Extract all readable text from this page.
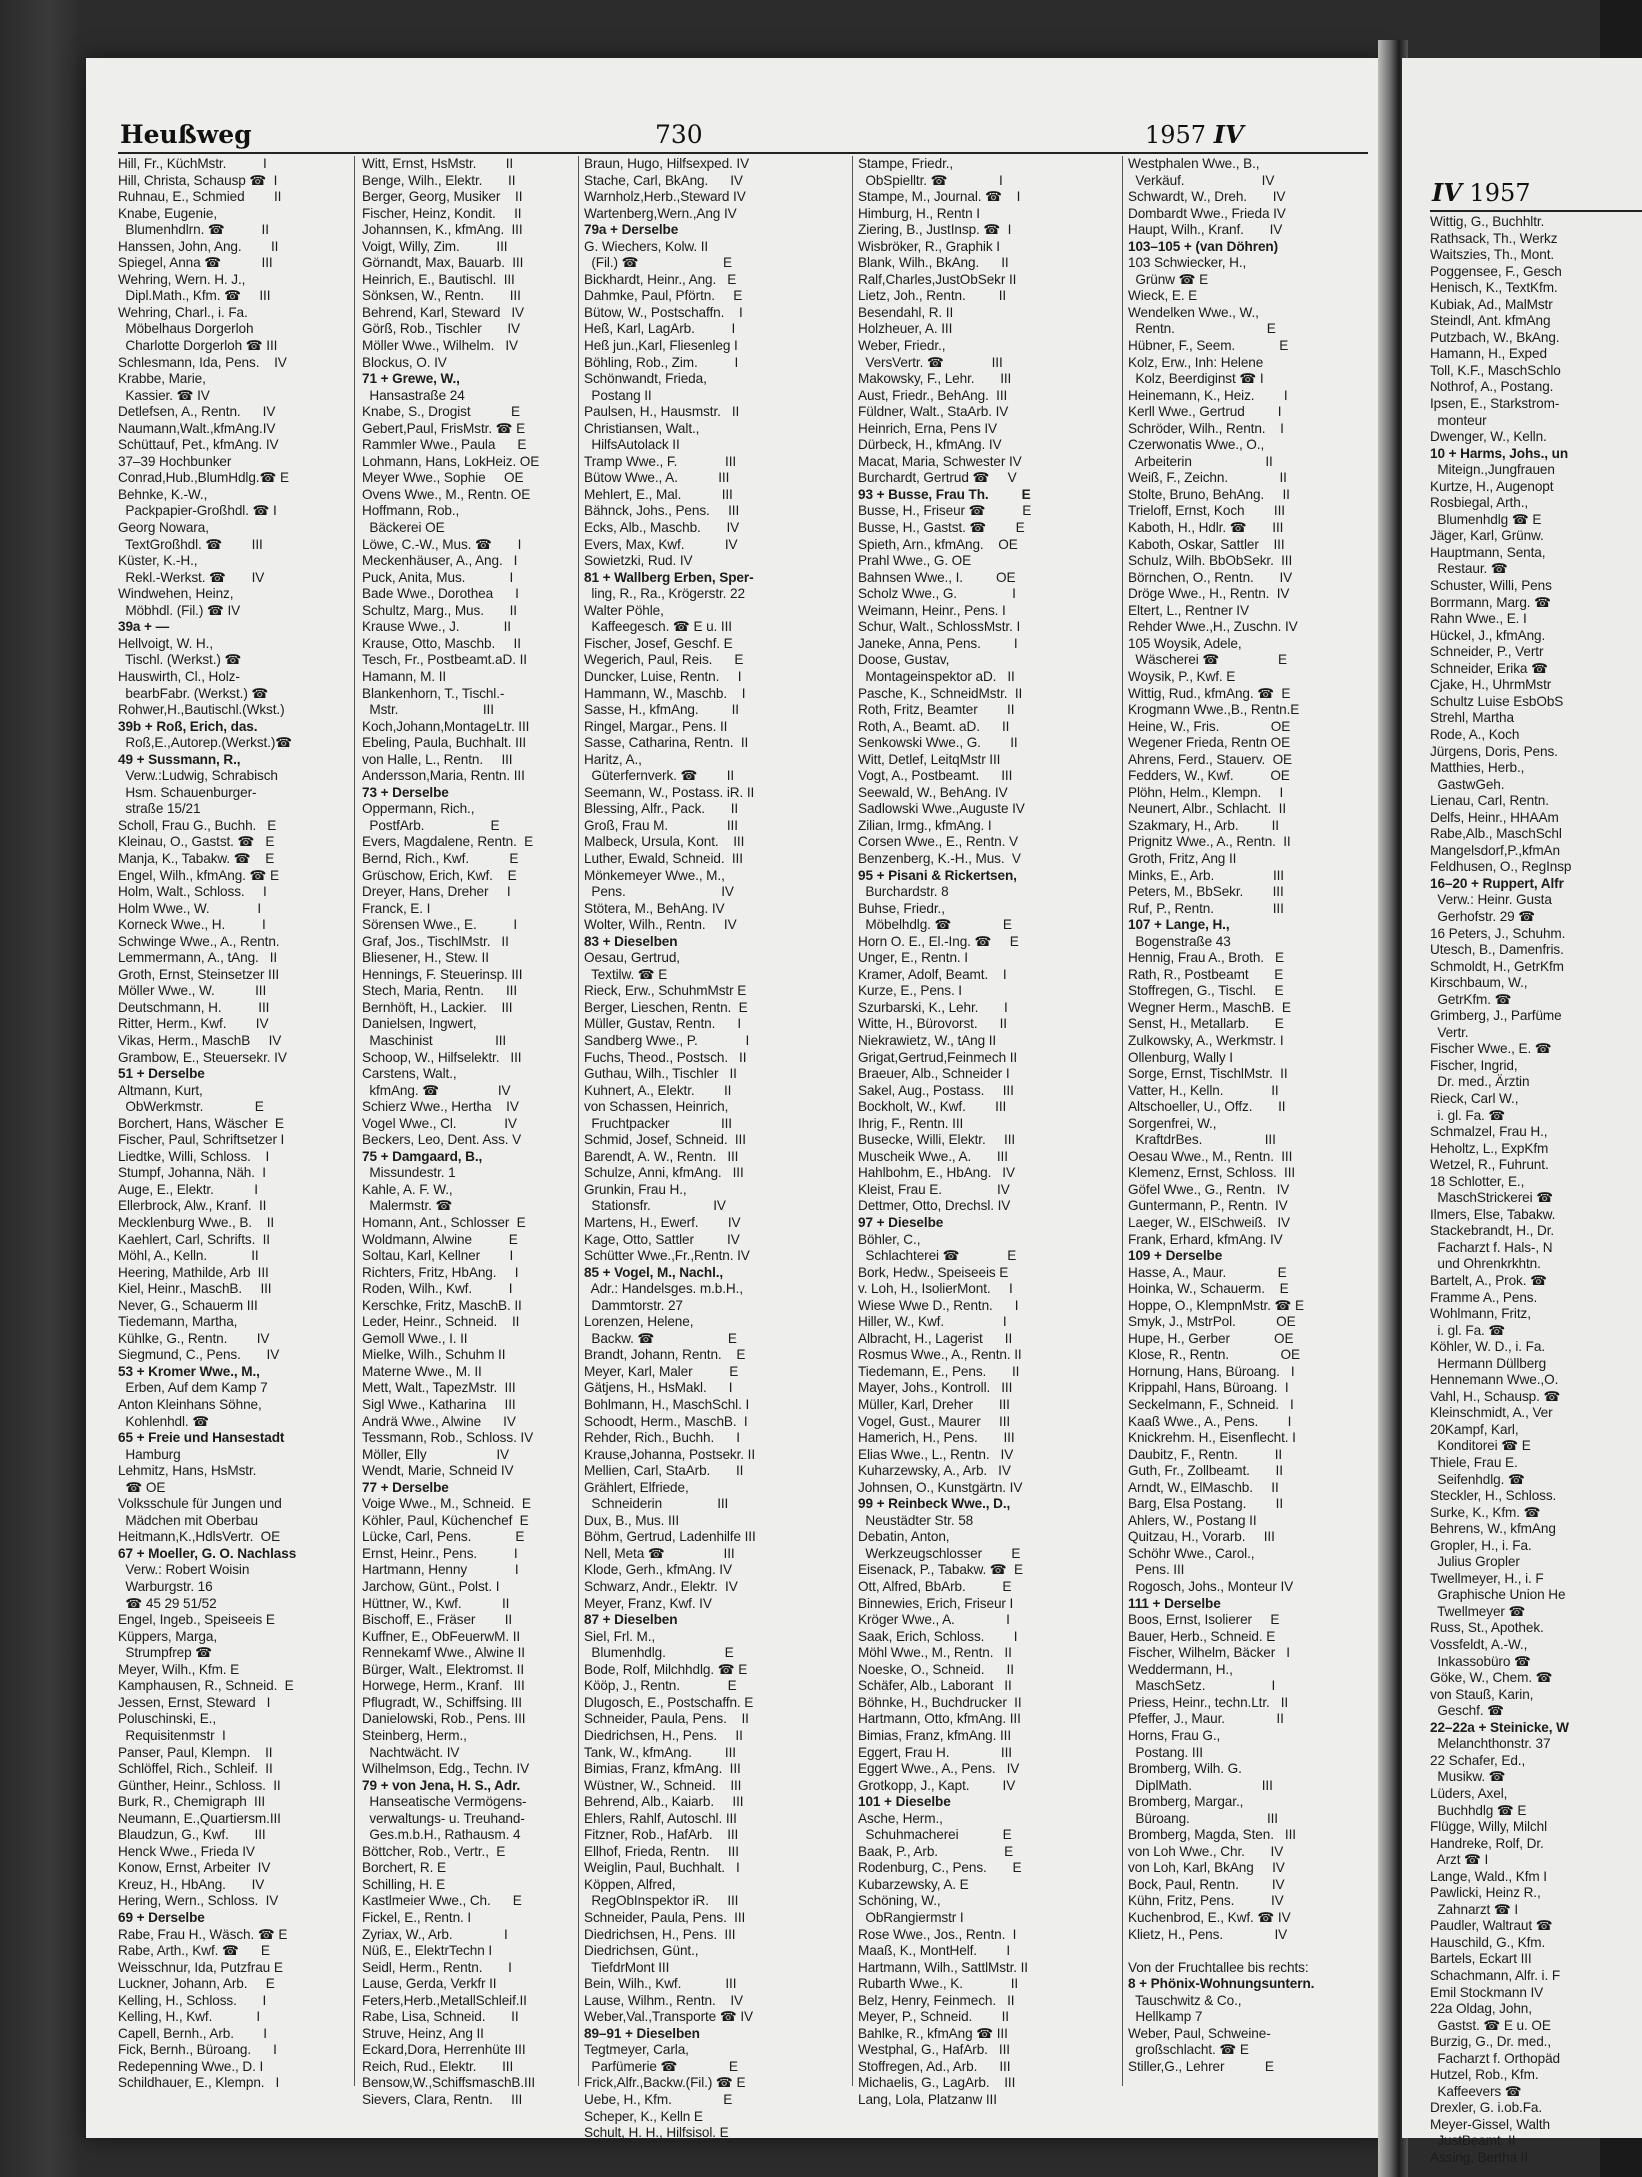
IV 1957
Wittig, G., Buchhltr.
Rathsack, Th., Werkz
Waitszies, Th., Mont.
Poggensee, F., Gesch
Henisch, K., TextKfm.
Kubiak, Ad., MalMstr
Steindl, Ant. kfmAng
Putzbach, W., BkAng.
Hamann, H., Exped
Toll, K.F., MaschSchlo
Nothrof, A., Postang.
Ipsen, E., Starkstrom-
monteur
Dwenger, W., Kelln.
10 + Harms, Johs., un
Miteign.,Jungfrauen
Kurtze, H., Augenopt
Rosbiegal, Arth.,
Blumenhdlg ☎ E
Jäger, Karl, Grünw.
Hauptmann, Senta,
Restaur. ☎
Schuster, Willi, Pens
Borrmann, Marg. ☎
Rahn Wwe., E. I
Hückel, J., kfmAng.
Schneider, P., Vertr
Schneider, Erika ☎
Cjake, H., UhrmMstr
Schultz Luise EsbObS
Strehl, Martha
Rode, A., Koch
Jürgens, Doris, Pens.
Matthies, Herb.,
GastwGeh.
Lienau, Carl, Rentn.
Delfs, Heinr., HHAAm
Rabe,Alb., MaschSchl
Mangelsdorf,P.,kfmAn
Feldhusen, O., RegInsp
16–20 + Ruppert, Alfr
Verw.: Heinr. Gusta
Gerhofstr. 29 ☎
16 Peters, J., Schuhm.
Utesch, B., Damenfris.
Schmoldt, H., GetrKfm
Kirschbaum, W.,
GetrKfm. ☎
Grimberg, J., Parfüme
Vertr.
Fischer Wwe., E. ☎
Fischer, Ingrid,
Dr. med., Ärztin
Rieck, Carl W.,
i. gl. Fa. ☎
Schmalzel, Frau H.,
Heholtz, L., ExpKfm
Wetzel, R., Fuhrunt.
18 Schlotter, E.,
MaschStrickerei ☎
Ilmers, Else, Tabakw.
Stackebrandt, H., Dr.
Facharzt f. Hals-, N
und Ohrenkrkhtn.
Bartelt, A., Prok. ☎
Framme A., Pens.
Wohlmann, Fritz,
i. gl. Fa. ☎
Köhler, W. D., i. Fa.
Hermann Düllberg
Hennemann Wwe.,O.
Vahl, H., Schausp. ☎
Kleinschmidt, A., Ver
20Kampf, Karl,
Konditorei ☎ E
Thiele, Frau E.
Seifenhdlg. ☎
Steckler, H., Schloss.
Surke, K., Kfm. ☎
Behrens, W., kfmAng
Gropler, H., i. Fa.
Julius Gropler
Twellmeyer, H., i. F
Graphische Union He
Twellmeyer ☎
Russ, St., Apothek.
Vossfeldt, A.-W.,
Inkassobüro ☎
Göke, W., Chem. ☎
von Stauß, Karin,
Geschf. ☎
22–22a + Steinicke, W
Melanchthonstr. 37
22 Schafer, Ed.,
Musikw. ☎
Lüders, Axel,
Buchhdlg ☎ E
Flügge, Willy, Milchl
Handreke, Rolf, Dr.
Arzt ☎ I
Lange, Wald., Kfm I
Pawlicki, Heinz R.,
Zahnarzt ☎ I
Paudler, Waltraut ☎
Hauschild, G., Kfm.
Bartels, Eckart III
Schachmann, Alfr. i. F
Emil Stockmann IV
22a Oldag, John,
Gastst. ☎ E u. OE
Burzig, G., Dr. med.,
Facharzt f. Orthopäd
Hutzel, Rob., Kfm.
Kaffeevers ☎
Drexler, G. i.ob.Fa.
Meyer-Gissel, Walth
JustBeamt. II
Assing, Bertha II
Heußweg	730	1957 IV
Hill, Fr., KüchMstr.          I
Hill, Christa, Schausp ☎  I
Ruhnau, E., Schmied        II
Knabe, Eugenie,
Blumenhdlrn. ☎          II
Hanssen, John, Ang.        II
Spiegel, Anna ☎           III
Wehring, Wern. H. J.,
Dipl.Math., Kfm. ☎     III
Wehring, Charl., i. Fa.
Möbelhaus Dorgerloh
Charlotte Dorgerloh ☎ III
Schlesmann, Ida, Pens.    IV
Krabbe, Marie,
Kassier. ☎ IV
Detlefsen, A., Rentn.      IV
Naumann,Walt.,kfmAng.IV
Schüttauf, Pet., kfmAng. IV
37–39 Hochbunker
Conrad,Hub.,BlumHdlg.☎ E
Behnke, K.-W.,
Packpapier-Großhdl. ☎ I
Georg Nowara,
TextGroßhdl. ☎        III
Küster, K.-H.,
Rekl.-Werkst. ☎       IV
Windwehen, Heinz,
Möbhdl. (Fil.) ☎ IV
39a + —
Hellvoigt, W. H.,
Tischl. (Werkst.) ☎
Hauswirth, Cl., Holz-
bearbFabr. (Werkst.) ☎
Rohwer,H.,Bautischl.(Wkst.)
39b + Roß, Erich, das.
Roß,E.,Autorep.(Werkst.)☎
49 + Sussmann, R.,
Verw.:Ludwig, Schrabisch
Hsm. Schauenburger-
straße 15/21
Scholl, Frau G., Buchh.   E
Kleinau, O., Gastst. ☎   E
Manja, K., Tabakw. ☎    E
Engel, Wilh., kfmAng. ☎ E
Holm, Walt., Schloss.     I
Holm Wwe., W.             I
Korneck Wwe., H.          I
Schwinge Wwe., A., Rentn.
Lemmermann, A., tAng.   II
Groth, Ernst, Steinsetzer III
Möller Wwe., W.           III
Deutschmann, H.          III
Ritter, Herm., Kwf.        IV
Vikas, Herm., MaschB     IV
Grambow, E., Steuersekr. IV
51 + Derselbe
Altmann, Kurt,
ObWerkmstr.              E
Borchert, Hans, Wäscher  E
Fischer, Paul, Schriftsetzer I
Liedtke, Willi, Schloss.    I
Stumpf, Johanna, Näh.  I
Auge, E., Elektr.           I
Ellerbrock, Alw., Kranf.  II
Mecklenburg Wwe., B.    II
Kaehlert, Carl, Schrifts.  II
Möhl, A., Kelln.            II
Heering, Mathilde, Arb  III
Kiel, Heinr., MaschB.     III
Never, G., Schauerm III
Tiedemann, Martha,
Kühlke, G., Rentn.        IV
Siegmund, C., Pens.       IV
53 + Kromer Wwe., M.,
Erben, Auf dem Kamp 7
Anton Kleinhans Söhne,
Kohlenhdl. ☎
65 + Freie und Hansestadt
Hamburg
Lehmitz, Hans, HsMstr.
☎ OE
Volksschule für Jungen und
Mädchen mit Oberbau
Heitmann,K.,HdlsVertr.  OE
67 + Moeller, G. O. Nachlass
Verw.: Robert Woisin
Warburgstr. 16
☎ 45 29 51/52
Engel, Ingeb., Speiseeis E
Küppers, Marga,
Strumpfrep ☎
Meyer, Wilh., Kfm. E
Kamphausen, R., Schneid.  E
Jessen, Ernst, Steward   I
Poluschinski, E.,
Requisitenmstr  I
Panser, Paul, Klempn.    II
Schlöffel, Rich., Schleif.  II
Günther, Heinr., Schloss.  II
Burk, R., Chemigraph  III
Neumann, E.,Quartiersm.III
Blaudzun, G., Kwf.       III
Henck Wwe., Frieda IV
Konow, Ernst, Arbeiter  IV
Kreuz, H., HbAng.       IV
Hering, Wern., Schloss.  IV
69 + Derselbe
Rabe, Frau H., Wäsch. ☎ E
Rabe, Arth., Kwf. ☎      E
Weisschnur, Ida, Putzfrau E
Luckner, Johann, Arb.     E
Kelling, H., Schloss.       I
Kelling, H., Kwf.            I
Capell, Bernh., Arb.        I
Fick, Bernh., Büroang.      I
Redepenning Wwe., D. I
Schildhauer, E., Klempn.   I
Witt, Ernst, HsMstr.        II
Benge, Wilh., Elektr.       II
Berger, Georg, Musiker    II
Fischer, Heinz, Kondit.     II
Johannsen, K., kfmAng.  III
Voigt, Willy, Zim.          III
Görnandt, Max, Bauarb.  III
Heinrich, E., Bautischl.  III
Sönksen, W., Rentn.       III
Behrend, Karl, Steward   IV
Görß, Rob., Tischler       IV
Möller Wwe., Wilhelm.   IV
Blockus, O. IV
71 + Grewe, W.,
Hansastraße 24
Knabe, S., Drogist           E
Gebert,Paul, FrisMstr. ☎ E
Rammler Wwe., Paula      E
Lohmann, Hans, LokHeiz. OE
Meyer Wwe., Sophie     OE
Ovens Wwe., M., Rentn. OE
Hoffmann, Rob.,
Bäckerei OE
Löwe, C.-W., Mus. ☎       I
Meckenhäuser, A., Ang.   I
Puck, Anita, Mus.            I
Bade Wwe., Dorothea      I
Schultz, Marg., Mus.       II
Krause Wwe., J.            II
Krause, Otto, Maschb.     II
Tesch, Fr., Postbeamt.aD. II
Hamann, M. II
Blankenhorn, T., Tischl.-
Mstr.                       III
Koch,Johann,MontageLtr. III
Ebeling, Paula, Buchhalt. III
von Halle, L., Rentn.     III
Andersson,Maria, Rentn. III
73 + Derselbe
Oppermann, Rich.,
PostfArb.                  E
Evers, Magdalene, Rentn.  E
Bernd, Rich., Kwf.           E
Grüschow, Erich, Kwf.    E
Dreyer, Hans, Dreher     I
Franck, E. I
Sörensen Wwe., E.          I
Graf, Jos., TischlMstr.   II
Bliesener, H., Stew. II
Hennings, F. Steuerinsp. III
Stech, Maria, Rentn.      III
Bernhöft, H., Lackier.    III
Danielsen, Ingwert,
Maschinist                 III
Schoop, W., Hilfselektr.   III
Carstens, Walt.,
kfmAng. ☎                IV
Schierz Wwe., Hertha    IV
Vogel Wwe., Cl.             IV
Beckers, Leo, Dent. Ass. V
75 + Damgaard, B.,
Missundestr. 1
Kahle, A. F. W.,
Malermstr. ☎
Homann, Ant., Schlosser  E
Woldmann, Alwine          E
Soltau, Karl, Kellner        I
Richters, Fritz, HbAng.     I
Roden, Wilh., Kwf.          I
Kerschke, Fritz, MaschB. II
Leder, Heinr., Schneid.    II
Gemoll Wwe., I. II
Mielke, Wilh., Schuhm II
Materne Wwe., M. II
Mett, Walt., TapezMstr.  III
Sigl Wwe., Katharina     III
Andrä Wwe., Alwine      IV
Tessmann, Rob., Schloss. IV
Möller, Elly                   IV
Wendt, Marie, Schneid IV
77 + Derselbe
Voige Wwe., M., Schneid.  E
Köhler, Paul, Küchenchef  E
Lücke, Carl, Pens.            E
Ernst, Heinr., Pens.          I
Hartmann, Henny             I
Jarchow, Günt., Polst. I
Hüttner, W., Kwf.           II
Bischoff, E., Fräser        II
Kuffner, E., ObFeuerwM. II
Rennekamf Wwe., Alwine II
Bürger, Walt., Elektromst. II
Horwege, Herm., Kranf.   III
Pflugradt, W., Schiffsing. III
Danielowski, Rob., Pens. III
Steinberg, Herm.,
Nachtwächt. IV
Wilhelmson, Edg., Techn. IV
79 + von Jena, H. S., Adr.
Hanseatische Vermögens-
verwaltungs- u. Treuhand-
Ges.m.b.H., Rathausm. 4
Böttcher, Rob., Vertr.,  E
Borchert, R. E
Schilling, H. E
Kastlmeier Wwe., Ch.      E
Fickel, E., Rentn. I
Zyriax, W., Arb.              I
Nüß, E., ElektrTechn I
Seidl, Herm., Rentn.       I
Lause, Gerda, Verkfr II
Feters,Herb.,MetallSchleif.II
Rabe, Lisa, Schneid.       II
Struve, Heinz, Ang II
Eckard,Dora, Herrenhüte III
Reich, Rud., Elektr.       III
Bensow,W.,SchiffsmaschB.III
Sievers, Clara, Rentn.     III
Braun, Hugo, Hilfsexped. IV
Stache, Carl, BkAng.      IV
Warnholz,Herb.,Steward IV
Wartenberg,Wern.,Ang IV
79a + Derselbe
G. Wiechers, Kolw. II
(Fil.) ☎                       E
Bickhardt, Heinr., Ang.   E
Dahmke, Paul, Pförtn.     E
Bütow, W., Postschaffn.    I
Heß, Karl, LagArb.          I
Heß jun.,Karl, Fliesenleg I
Böhling, Rob., Zim.          I
Schönwandt, Frieda,
Postang II
Paulsen, H., Hausmstr.   II
Christiansen, Walt.,
HilfsAutolack II
Tramp Wwe., F.             III
Bütow Wwe., A.           III
Mehlert, E., Mal.           III
Bähnck, Johs., Pens.     III
Ecks, Alb., Maschb.       IV
Evers, Max, Kwf.           IV
Sowietzki, Rud. IV
81 + Wallberg Erben, Sper-
ling, R., Ra., Krögerstr. 22
Walter Pöhle,
Kaffeegesch. ☎ E u. III
Fischer, Josef, Geschf. E
Wegerich, Paul, Reis.      E
Duncker, Luise, Rentn.     I
Hammann, W., Maschb.    I
Sasse, H., kfmAng.         II
Ringel, Margar., Pens. II
Sasse, Catharina, Rentn.  II
Haritz, A.,
Güterfernverk. ☎        II
Seemann, W., Postass. iR. II
Blessing, Alfr., Pack.       II
Groß, Frau M.                III
Malbeck, Ursula, Kont.    III
Luther, Ewald, Schneid.  III
Mönkemeyer Wwe., M.,
Pens.                          IV
Stötera, M., BehAng. IV
Wolter, Wilh., Rentn.     IV
83 + Dieselben
Oesau, Gertrud,
Textilw. ☎ E
Rieck, Erw., SchuhmMstr E
Berger, Lieschen, Rentn.  E
Müller, Gustav, Rentn.      I
Sandberg Wwe., P.             I
Fuchs, Theod., Postsch.   II
Guthau, Wilh., Tischler   II
Kuhnert, A., Elektr.        II
von Schassen, Heinrich,
Fruchtpacker              III
Schmid, Josef, Schneid.  III
Barendt, A. W., Rentn.   III
Schulze, Anni, kfmAng.   III
Grunkin, Frau H.,
Stationsfr.                 IV
Martens, H., Ewerf.        IV
Kage, Otto, Sattler         IV
Schütter Wwe.,Fr.,Rentn. IV
85 + Vogel, M., Nachl.,
Adr.: Handelsges. m.b.H.,
Dammtorstr. 27
Lorenzen, Helene,
Backw. ☎                    E
Brandt, Johann, Rentn.    E
Meyer, Karl, Maler          E
Gätjens, H., HsMakl.      I
Bohlmann, H., MaschSchl. I
Schoodt, Herm., MaschB.  I
Rehder, Rich., Buchh.      I
Krause,Johanna, Postsekr. II
Mellien, Carl, StaArb.       II
Grählert, Elfriede,
Schneiderin               III
Dux, B., Mus. III
Böhm, Gertrud, Ladenhilfe III
Nell, Meta ☎                III
Klode, Gerh., kfmAng. IV
Schwarz, Andr., Elektr.  IV
Meyer, Franz, Kwf. IV
87 + Dieselben
Siel, Frl. M.,
Blumenhdlg.                E
Bode, Rolf, Milchhdlg. ☎ E
Kööp, J., Rentn.             E
Dlugosch, E., Postschaffn. E
Schneider, Paula, Pens.    II
Diedrichsen, H., Pens.     II
Tank, W., kfmAng.         III
Bimias, Franz, kfmAng.  III
Wüstner, W., Schneid.    III
Behrend, Alb., Kaiarb.     III
Ehlers, Rahlf, Autoschl. III
Fitzner, Rob., HafArb.    III
Ellhof, Frieda, Rentn.     III
Weiglin, Paul, Buchhalt.   I
Köppen, Alfred,
RegObInspektor iR.     III
Schneider, Paula, Pens.  III
Diedrichsen, H., Pens.  III
Diedrichsen, Günt.,
TiefdrMont III
Bein, Wilh., Kwf.            III
Lause, Wilhm., Rentn.    IV
Weber,Val.,Transporte ☎ IV
89–91 + Dieselben
Tegtmeyer, Carla,
Parfümerie ☎              E
Frick,Alfr.,Backw.(Fil.) ☎ E
Uebe, H., Kfm.              E
Scheper, K., Kelln E
Schult, H. H., Hilfsisol. E
Stampe, Friedr.,
ObSpielltr. ☎              I
Stampe, M., Journal. ☎    I
Himburg, H., Rentn I
Ziering, B., JustInsp. ☎  I
Wisbröker, R., Graphik I
Blank, Wilh., BkAng.      II
Ralf,Charles,JustObSekr II
Lietz, Joh., Rentn.         II
Besendahl, R. II
Holzheuer, A. III
Weber, Friedr.,
VersVertr. ☎             III
Makowsky, F., Lehr.       III
Aust, Friedr., BehAng.  III
Füldner, Walt., StaArb. IV
Heinrich, Erna, Pens IV
Dürbeck, H., kfmAng. IV
Macat, Maria, Schwester IV
Burchardt, Gertrud ☎     V
93 + Busse, Frau Th.         E
Busse, H., Friseur ☎          E
Busse, H., Gastst. ☎        E
Spieth, Arn., kfmAng.    OE
Prahl Wwe., G. OE
Bahnsen Wwe., I.         OE
Scholz Wwe., G.               I
Weimann, Heinr., Pens. I
Schur, Walt., SchlossMstr. I
Janeke, Anna, Pens.         I
Doose, Gustav,
Montageinspektor aD.   II
Pasche, K., SchneidMstr.  II
Roth, Fritz, Beamter        II
Roth, A., Beamt. aD.      II
Senkowski Wwe., G.        II
Witt, Detlef, LeitqMstr III
Vogt, A., Postbeamt.      III
Seewald, W., BehAng. IV
Sadlowski Wwe.,Auguste IV
Zilian, Irmg., kfmAng. I
Corsen Wwe., E., Rentn. V
Benzenberg, K.-H., Mus.  V
95 + Pisani & Rickertsen,
Burchardstr. 8
Buhse, Friedr.,
Möbelhdlg. ☎              E
Horn O. E., El.-Ing. ☎     E
Unger, E., Rentn. I
Kramer, Adolf, Beamt.    I
Kurze, E., Pens. I
Szurbarski, K., Lehr.       I
Witte, H., Bürovorst.      II
Niekrawietz, W., tAng II
Grigat,Gertrud,Feinmech II
Braeuer, Alb., Schneider I
Sakel, Aug., Postass.     III
Bockholt, W., Kwf.        III
Ihrig, F., Rentn. III
Busecke, Willi, Elektr.     III
Muscheik Wwe., A.       III
Hahlbohm, E., HbAng.   IV
Kleist, Frau E.               IV
Dettmer, Otto, Drechsl. IV
97 + Dieselbe
Böhler, C.,
Schlachterei ☎             E
Bork, Hedw., Speiseeis E
v. Loh, H., IsolierMont.     I
Wiese Wwe D., Rentn.      I
Hiller, W., Kwf.                I
Albracht, H., Lagerist      II
Rosmus Wwe., A., Rentn. II
Tiedemann, E., Pens.       II
Mayer, Johs., Kontroll.   III
Müller, Karl, Dreher       III
Vogel, Gust., Maurer     III
Hamerich, H., Pens.       III
Elias Wwe., L., Rentn.   IV
Kuharzewsky, A., Arb.   IV
Johnsen, O., Kunstgärtn. IV
99 + Reinbeck Wwe., D.,
Neustädter Str. 58
Debatin, Anton,
Werkzeugschlosser        E
Eisenack, P., Tabakw. ☎  E
Ott, Alfred, BbArb.          E
Binnewies, Erich, Friseur I
Kröger Wwe., A.              I
Saak, Erich, Schloss.        I
Möhl Wwe., M., Rentn.   II
Noeske, O., Schneid.      II
Schäfer, Alb., Laborant   II
Böhnke, H., Buchdrucker  II
Hartmann, Otto, kfmAng. III
Bimias, Franz, kfmAng. III
Eggert, Frau H.              III
Eggert Wwe., A., Pens.   IV
Grotkopp, J., Kapt.         IV
101 + Dieselbe
Asche, Herm.,
Schuhmacherei            E
Baak, P., Arb.                  E
Rodenburg, C., Pens.       E
Kubarzewsky, A. E
Schöning, W.,
ObRangiermstr I
Rose Wwe., Jos., Rentn.  I
Maaß, K., MontHelf.        I
Hartmann, Wilh., SattlMstr. II
Rubarth Wwe., K.             II
Belz, Henry, Feinmech.   II
Meyer, P., Schneid.        II
Bahlke, R., kfmAng ☎ III
Westphal, G., HafArb.   III
Stoffregen, Ad., Arb.      III
Michaelis, G., LagArb.    III
Lang, Lola, Platzanw III
Westphalen Wwe., B.,
Verkäuf.                     IV
Schwardt, W., Dreh.       IV
Dombardt Wwe., Frieda IV
Haupt, Wilh., Kranf.       IV
103–105 + (van Döhren)
103 Schwiecker, H.,
Grünw ☎ E
Wieck, E. E
Wendelken Wwe., W.,
Rentn.                         E
Hübner, F., Seem.            E
Kolz, Erw., Inh: Helene
Kolz, Beerdiginst ☎ I
Heinemann, K., Heiz.        I
Kerll Wwe., Gertrud         I
Schröder, Wilh., Rentn.    I
Czerwonatis Wwe., O.,
Arbeiterin                    II
Weiß, F., Zeichn.              II
Stolte, Bruno, BehAng.     II
Trieloff, Ernst, Koch        III
Kaboth, H., Hdlr. ☎       III
Kaboth, Oskar, Sattler    III
Schulz, Wilh. BbObSekr.  III
Börnchen, O., Rentn.       IV
Dröge Wwe., H., Rentn.  IV
Eltert, L., Rentner IV
Rehder Wwe.,H., Zuschn. IV
105 Woysik, Adele,
Wäscherei ☎                E
Woysik, P., Kwf. E
Wittig, Rud., kfmAng. ☎  E
Krogmann Wwe.,B., Rentn.E
Heine, W., Fris.              OE
Wegener Frieda, Rentn OE
Ahrens, Ferd., Stauerv.  OE
Fedders, W., Kwf.          OE
Plöhn, Helm., Klempn.     I
Neunert, Albr., Schlacht.  II
Szakmary, H., Arb.         II
Prignitz Wwe., A., Rentn.  II
Groth, Fritz, Ang II
Minks, E., Arb.                III
Peters, M., BbSekr.        III
Ruf, P., Rentn.                III
107 + Lange, H.,
Bogenstraße 43
Hennig, Frau A., Broth.   E
Rath, R., Postbeamt       E
Stoffregen, G., Tischl.     E
Wegner Herm., MaschB.  E
Senst, H., Metallarb.       E
Zulkowsky, A., Werkmstr. I
Ollenburg, Wally I
Sorge, Ernst, TischlMstr.  II
Vatter, H., Kelln.             II
Altschoeller, U., Offz.       II
Sorgenfrei, W.,
KraftdrBes.                 III
Oesau Wwe., M., Rentn.  III
Klemenz, Ernst, Schloss.  III
Göfel Wwe., G., Rentn.   IV
Guntermann, P., Rentn.  IV
Laeger, W., ElSchweiß.   IV
Frank, Erhard, kfmAng. IV
109 + Derselbe
Hasse, A., Maur.              E
Hoinka, W., Schauerm.    E
Hoppe, O., KlempnMstr. ☎ E
Smyk, J., MstrPol.           OE
Hupe, H., Gerber            OE
Klose, R., Rentn.              OE
Hornung, Hans, Büroang.   I
Krippahl, Hans, Büroang.  I
Seckelmann, F., Schneid.   I
Kaaß Wwe., A., Pens.        I
Knickrehm. H., Eisenflecht. I
Daubitz, F., Rentn.          II
Guth, Fr., Zollbeamt.       II
Arndt, W., ElMaschb.     II
Barg, Elsa Postang.        II
Ahlers, W., Postang II
Quitzau, H., Vorarb.     III
Schöhr Wwe., Carol.,
Pens. III
Rogosch, Johs., Monteur IV
111 + Derselbe
Boos, Ernst, Isolierer     E
Bauer, Herb., Schneid. E
Fischer, Wilhelm, Bäcker   I
Weddermann, H.,
MaschSetz.                  I
Priess, Heinr., techn.Ltr.   II
Pfeffer, J., Maur.              II
Horns, Frau G.,
Postang. III
Bromberg, Wilh. G.
DiplMath.                   III
Bromberg, Margar.,
Büroang.                     III
Bromberg, Magda, Sten.   III
von Loh Wwe., Chr.       IV
von Loh, Karl, BkAng     IV
Bock, Paul, Rentn.         IV
Kühn, Fritz, Pens.          IV
Kuchenbrod, E., Kwf. ☎ IV
Klietz, H., Pens.              IV
Von der Fruchtallee bis rechts:
8 + Phönix-Wohnungsuntern.
Tauschwitz & Co.,
Hellkamp 7
Weber, Paul, Schweine-
großschlacht. ☎ E
Stiller,G., Lehrer           E
